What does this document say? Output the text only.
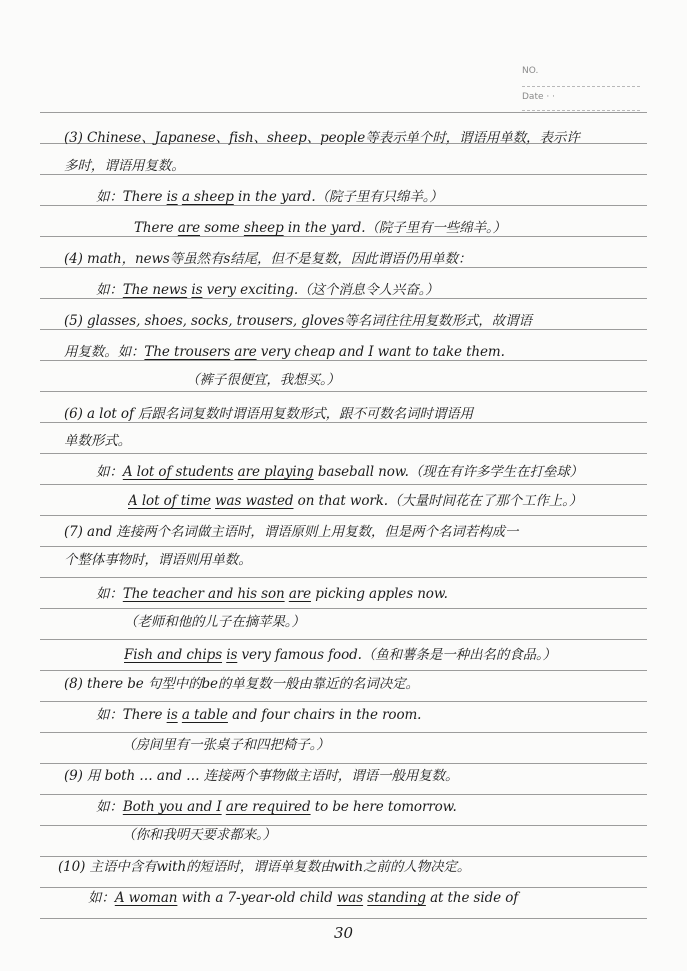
NO.
Date · ·
(3) Chinese、Japanese、fish、sheep、people等表示单个时，谓语用单数，表示许
多时，谓语用复数。
如：There is a sheep in the yard.（院子里有只绵羊。）
There are some sheep in the yard.（院子里有一些绵羊。）
(4) math，news等虽然有s结尾，但不是复数，因此谓语仍用单数：
如：The news is very exciting.（这个消息令人兴奋。）
(5) glasses, shoes, socks, trousers, gloves等名词往往用复数形式，故谓语
用复数。如：The trousers are very cheap and I want to take them.
（裤子很便宜，我想买。）
(6) a lot of 后跟名词复数时谓语用复数形式，跟不可数名词时谓语用
单数形式。
如：A lot of students are playing baseball now.（现在有许多学生在打垒球）
A lot of time was wasted on that work.（大量时间花在了那个工作上。）
(7) and 连接两个名词做主语时，谓语原则上用复数，但是两个名词若构成一
个整体事物时，谓语则用单数。
如：The teacher and his son are picking apples now.
（老师和他的儿子在摘苹果。）
Fish and chips is very famous food.（鱼和薯条是一种出名的食品。）
(8) there be 句型中的be的单复数一般由靠近的名词决定。
如：There is a table and four chairs in the room.
（房间里有一张桌子和四把椅子。）
(9) 用 both … and … 连接两个事物做主语时，谓语一般用复数。
如：Both you and I are required to be here tomorrow.
（你和我明天要求都来。）
(10) 主语中含有with的短语时，谓语单复数由with之前的人物决定。
如：A woman with a 7-year-old child was standing at the side of
30
